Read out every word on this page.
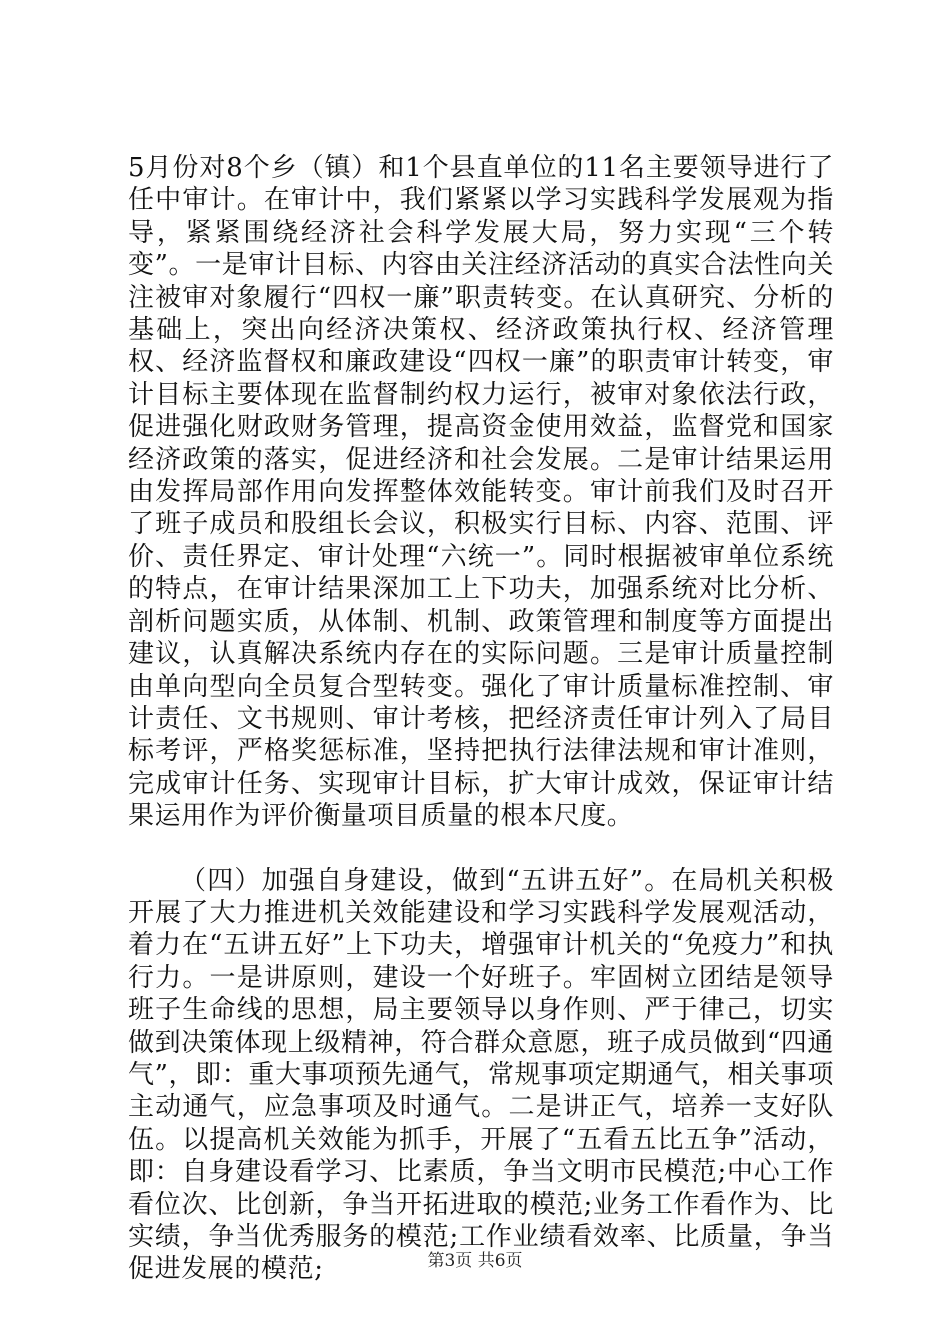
5月份对8个乡（镇）和1个县直单位的11名主要领导进行了任中审计。在审计中，我们紧紧以学习实践科学发展观为指导，紧紧围绕经济社会科学发展大局，努力实现“三个转变”。一是审计目标、内容由关注经济活动的真实合法性向关注被审对象履行“四权一廉”职责转变。在认真研究、分析的基础上，突出向经济决策权、经济政策执行权、经济管理权、经济监督权和廉政建设“四权一廉”的职责审计转变，审计目标主要体现在监督制约权力运行，被审对象依法行政，促进强化财政财务管理，提高资金使用效益，监督党和国家经济政策的落实，促进经济和社会发展。二是审计结果运用由发挥局部作用向发挥整体效能转变。审计前我们及时召开了班子成员和股组长会议，积极实行目标、内容、范围、评价、责任界定、审计处理“六统一”。同时根据被审单位系统的特点，在审计结果深加工上下功夫，加强系统对比分析、剖析问题实质，从体制、机制、政策管理和制度等方面提出建议，认真解决系统内存在的实际问题。三是审计质量控制由单向型向全员复合型转变。强化了审计质量标准控制、审计责任、文书规则、审计考核，把经济责任审计列入了局目标考评，严格奖惩标准，坚持把执行法律法规和审计准则，完成审计任务、实现审计目标，扩大审计成效，保证审计结果运用作为评价衡量项目质量的根本尺度。

（四）加强自身建设，做到“五讲五好”。在局机关积极开展了大力推进机关效能建设和学习实践科学发展观活动，着力在“五讲五好”上下功夫，增强审计机关的“免疫力”和执行力。一是讲原则，建设一个好班子。牢固树立团结是领导班子生命线的思想，局主要领导以身作则、严于律己，切实做到决策体现上级精神，符合群众意愿，班子成员做到“四通气”，即：重大事项预先通气，常规事项定期通气，相关事项主动通气，应急事项及时通气。二是讲正气，培养一支好队伍。以提高机关效能为抓手，开展了“五看五比五争”活动，即：自身建设看学习、比素质，争当文明市民模范;中心工作看位次、比创新，争当开拓进取的模范;业务工作看作为、比实绩，争当优秀服务的模范;工作业绩看效率、比质量，争当促进发展的模范;	第3页 共6页
